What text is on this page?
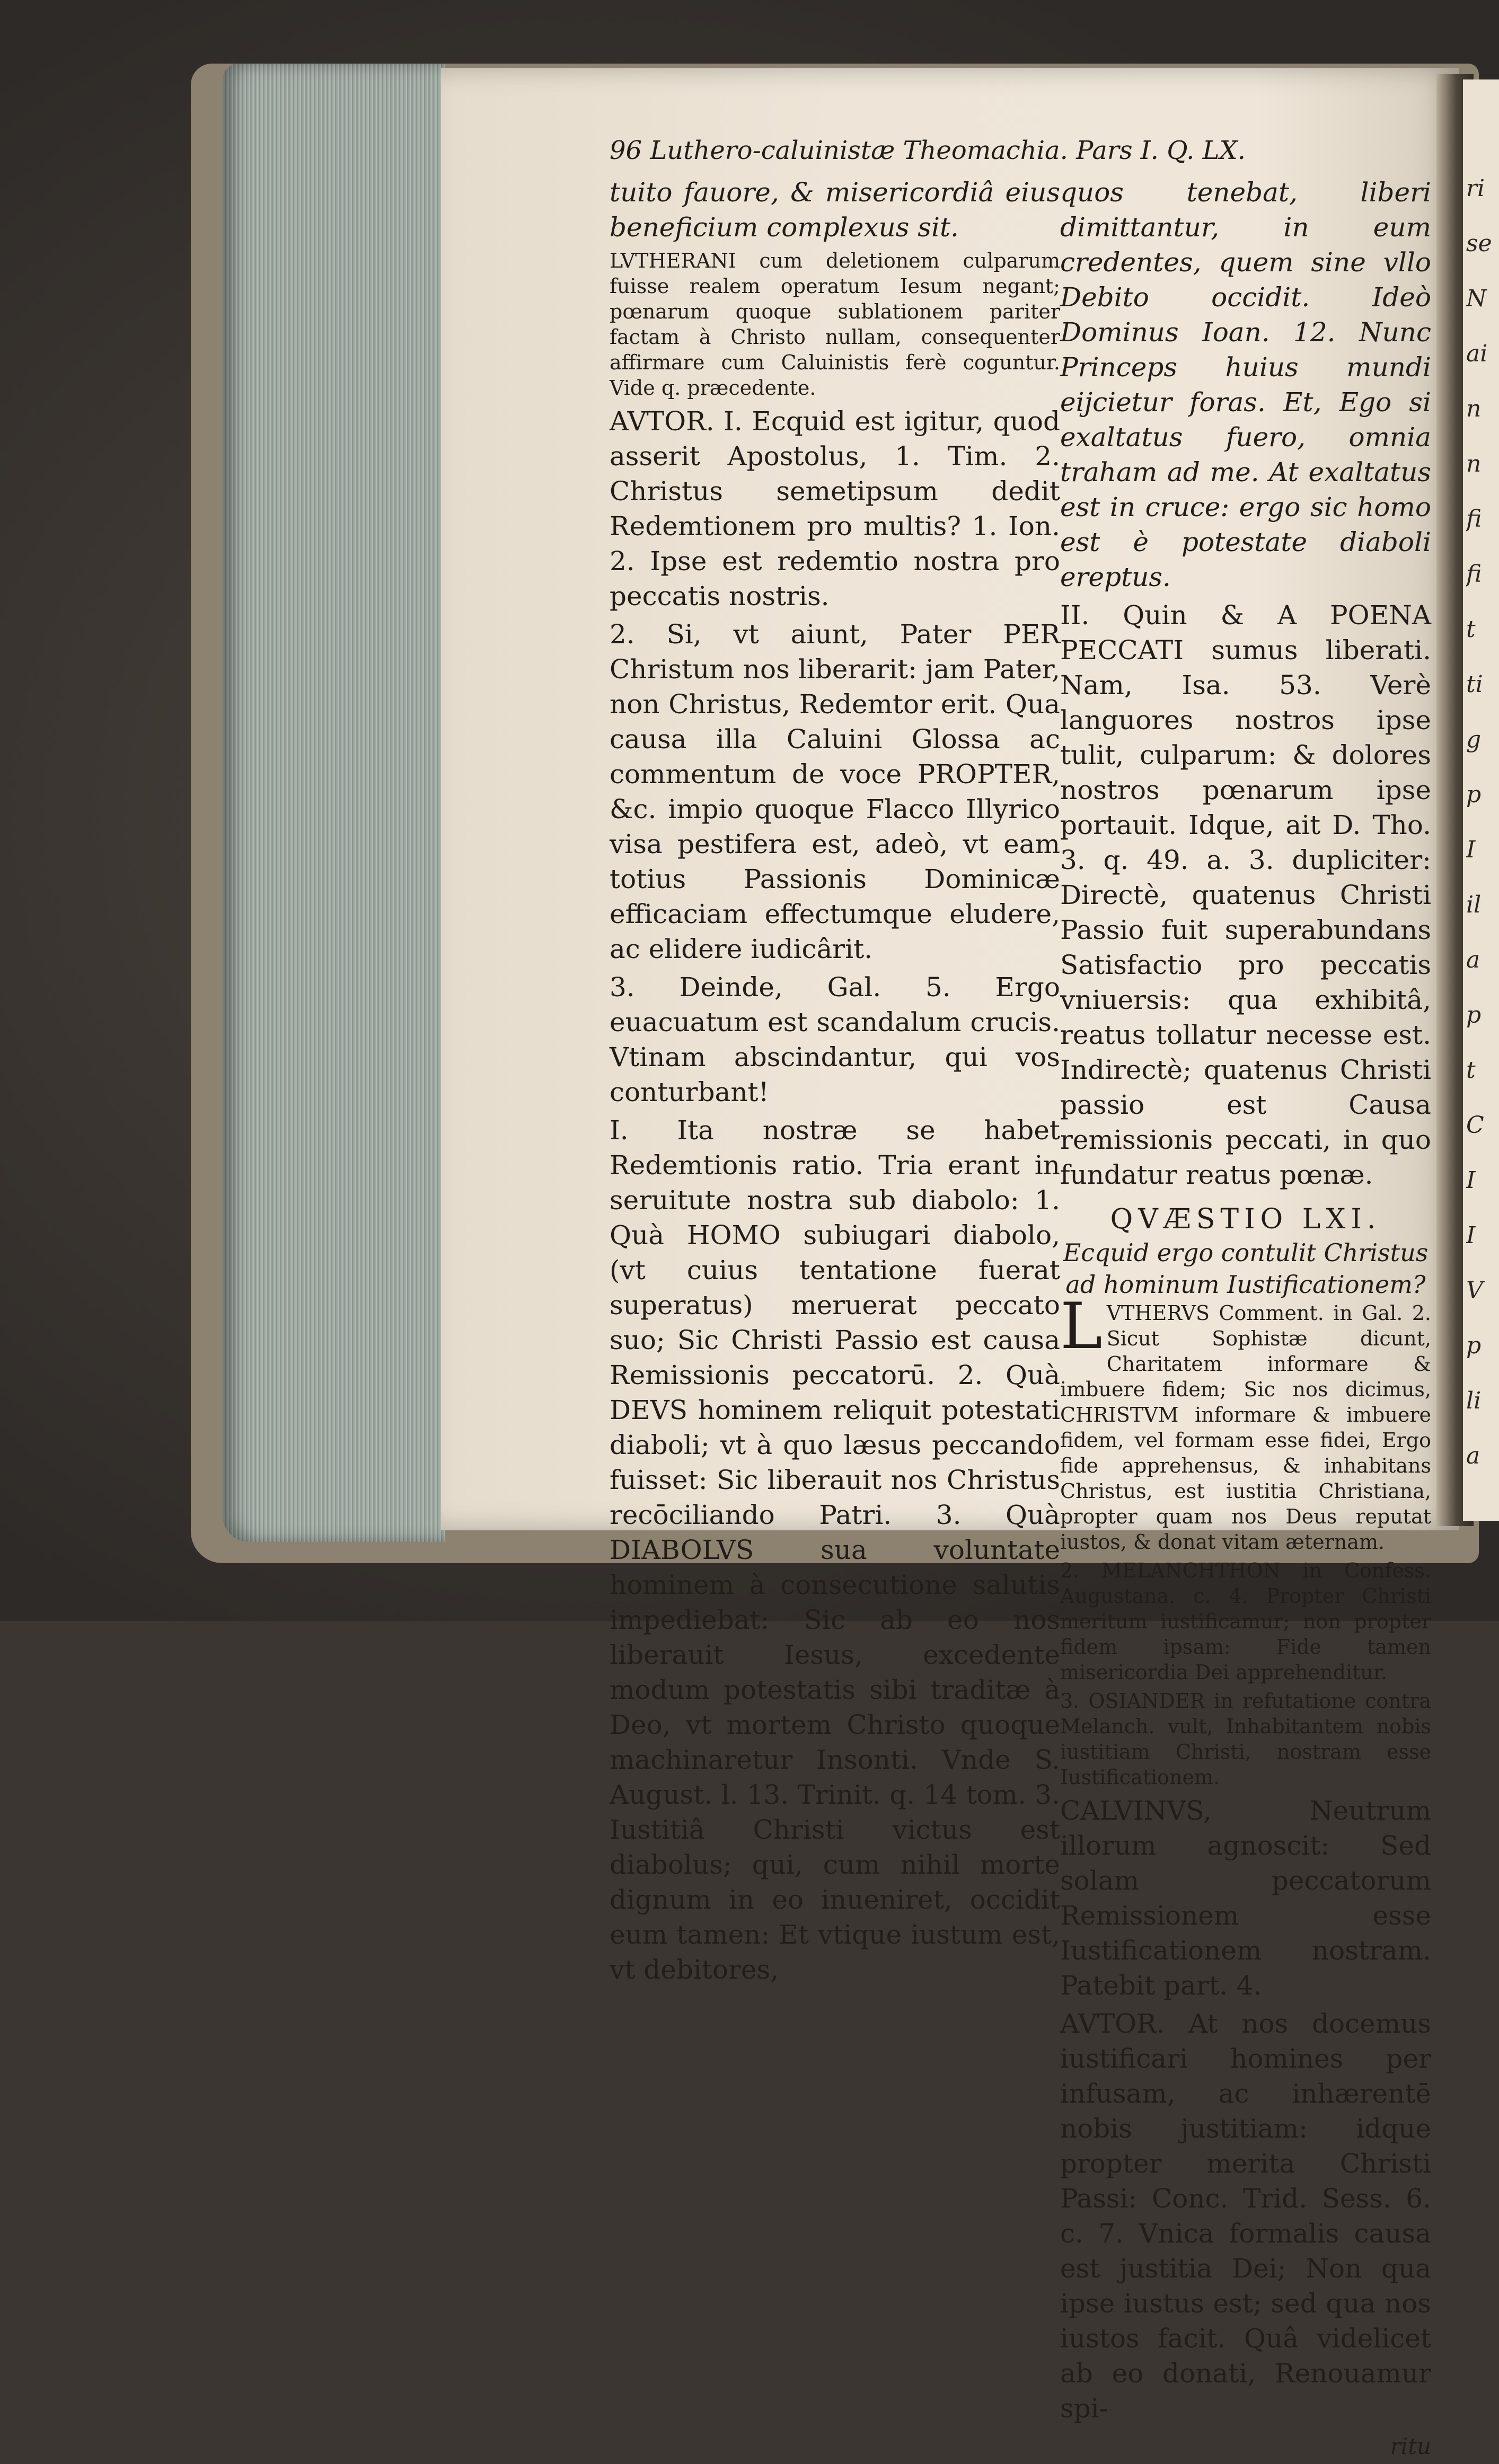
ri
se
N
ai
n
n
fi
fi
t
ti
g
p
I
il
a
p
t
C
I
I
V
p
li
a
96 Luthero-caluinistæ Theomachia. Pars I. Q. LX.

tuito fauore, & misericordiâ eius beneficium complexus sit.

LVTHERANI cum deletionem culparum fuisse realem operatum Iesum negant; pœnarum quoque sublationem pariter factam à Christo nullam, consequenter affirmare cum Caluinistis ferè coguntur. Vide q. præcedente.

AVTOR. I. Ecquid est igitur, quod asserit Apostolus, 1. Tim. 2. Christus semetipsum dedit Redemtionem pro multis? 1. Ion. 2. Ipse est redemtio nostra pro peccatis nostris.

2. Si, vt aiunt, Pater PER Christum nos liberarit: jam Pater, non Christus, Redemtor erit. Qua causa illa Caluini Glossa ac commentum de voce PROPTER, &c. impio quoque Flacco Illyrico visa pestifera est, adeò, vt eam totius Passionis Dominicæ efficaciam effectumque eludere, ac elidere iudicârit.

3. Deinde, Gal. 5. Ergo euacuatum est scandalum crucis. Vtinam abscindantur, qui vos conturbant!

I. Ita nostræ se habet Redemtionis ratio. Tria erant in seruitute nostra sub diabolo: 1. Quà HOMO subiugari diabolo, (vt cuius tentatione fuerat superatus) meruerat peccato suo; Sic Christi Passio est causa Remissionis peccatorū. 2. Quà DEVS hominem reliquit potestati diaboli; vt à quo læsus peccando fuisset: Sic liberauit nos Christus recōciliando Patri. 3. Quà DIABOLVS sua voluntate hominem à consecutione salutis impediebat: Sic ab eo nos liberauit Iesus, excedente modum potestatis sibi traditæ à Deo, vt mortem Christo quoque machinaretur Insonti. Vnde S. August. l. 13. Trinit. q. 14 tom. 3. Iustitiâ Christi victus est diabolus; qui, cum nihil morte dignum in eo inueniret, occidit eum tamen: Et vtique iustum est, vt debitores,

quos tenebat, liberi dimittantur, in eum credentes, quem sine vllo Debito occidit. Ideò Dominus Ioan. 12. Nunc Princeps huius mundi eijcietur foras. Et, Ego si exaltatus fuero, omnia traham ad me. At exaltatus est in cruce: ergo sic homo est è potestate diaboli ereptus.

II. Quin & A POENA PECCATI sumus liberati. Nam, Isa. 53. Verè languores nostros ipse tulit, culparum: & dolores nostros pœnarum ipse portauit. Idque, ait D. Tho. 3. q. 49. a. 3. dupliciter: Directè, quatenus Christi Passio fuit superabundans Satisfactio pro peccatis vniuersis: qua exhibitâ, reatus tollatur necesse est. Indirectè; quatenus Christi passio est Causa remissionis peccati, in quo fundatur reatus pœnæ.

QVÆSTIO LXI.
Ecquid ergo contulit Christus ad hominum Iustificationem?

LVTHERVS Comment. in Gal. 2. Sicut Sophistæ dicunt, Charitatem informare & imbuere fidem; Sic nos dicimus, CHRISTVM informare & imbuere fidem, vel formam esse fidei, Ergo fide apprehensus, & inhabitans Christus, est iustitia Christiana, propter quam nos Deus reputat iustos, & donat vitam æternam.

2. MELANCHTHON in Confess. Augustana. c. 4. Propter Christi meritum iustificamur; non propter fidem ipsam: Fide tamen misericordia Dei apprehenditur.

3. OSIANDER in refutatione contra Melanch. vult, Inhabitantem nobis iustitiam Christi, nostram esse Iustificationem.

CALVINVS, Neutrum illorum agnoscit: Sed solam peccatorum Remissionem esse Iustificationem nostram. Patebit part. 4.

AVTOR. At nos docemus iustificari homines per infusam, ac inhærentē nobis justitiam: idque propter merita Christi Passi: Conc. Trid. Sess. 6. c. 7. Vnica formalis causa est justitia Dei; Non qua ipse iustus est; sed qua nos iustos facit. Quâ videlicet ab eo donati, Renouamur spi-

ritu
